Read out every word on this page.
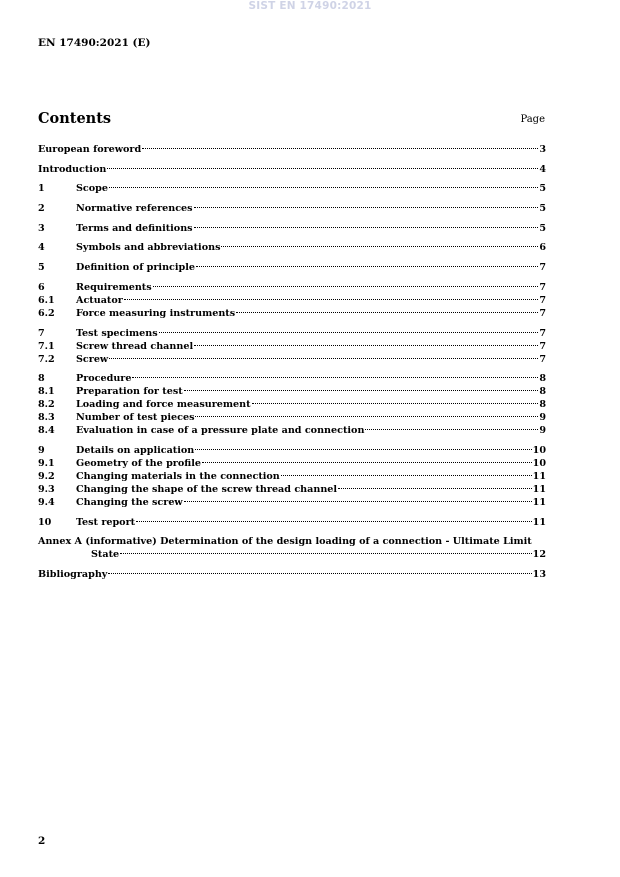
SIST EN 17490:2021
EN 17490:2021 (E)
Contents	Page
European foreword	3
Introduction	4
1	Scope	5
2	Normative references	5
3	Terms and definitions	5
4	Symbols and abbreviations	6
5	Definition of principle	7
6	Requirements	7
6.1	Actuator	7
6.2	Force measuring instruments	7
7	Test specimens	7
7.1	Screw thread channel	7
7.2	Screw	7
8	Procedure	8
8.1	Preparation for test	8
8.2	Loading and force measurement	8
8.3	Number of test pieces	9
8.4	Evaluation in case of a pressure plate and connection	9
9	Details on application	10
9.1	Geometry of the profile	10
9.2	Changing materials in the connection	11
9.3	Changing the shape of the screw thread channel	11
9.4	Changing the screw	11
10	Test report	11
Annex A (informative) Determination of the design loading of a connection - Ultimate Limit
State	12
Bibliography	13
2
